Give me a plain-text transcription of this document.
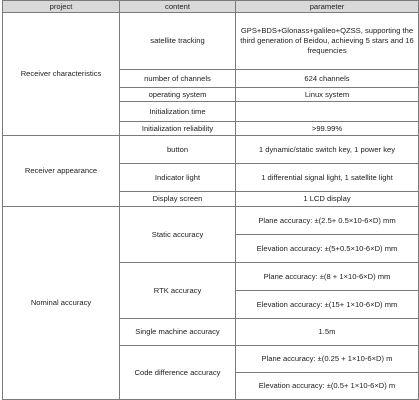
project	content	parameter
Receiver characteristics	satellite tracking	GPS+BDS+Glonass+galileo+QZSS, supporting the third generation of Beidou, achieving 5 stars and 16 frequencies
	number of channels	624 channels
	operating system	Linux system
	Initialization time	
	Initialization reliability	>99.99%
Receiver appearance	button	1 dynamic/static switch key, 1 power key
	Indicator light	1 differential signal light, 1 satellite light
	Display screen	1 LCD display
Nominal accuracy	Static accuracy	Plane accuracy: ±(2.5+ 0.5×10-6×D) mm
		Elevation accuracy: ±(5+0.5×10-6×D) mm
	RTK accuracy	Plane accuracy: ±(8 + 1×10-6×D) mm
		Elevation accuracy: ±(15+ 1×10-6×D) mm
	Single machine accuracy	1.5m
	Code difference accuracy	Plane accuracy: ±(0.25 + 1×10-6×D) m
		Elevation accuracy: ±(0.5+ 1×10-6×D) m
